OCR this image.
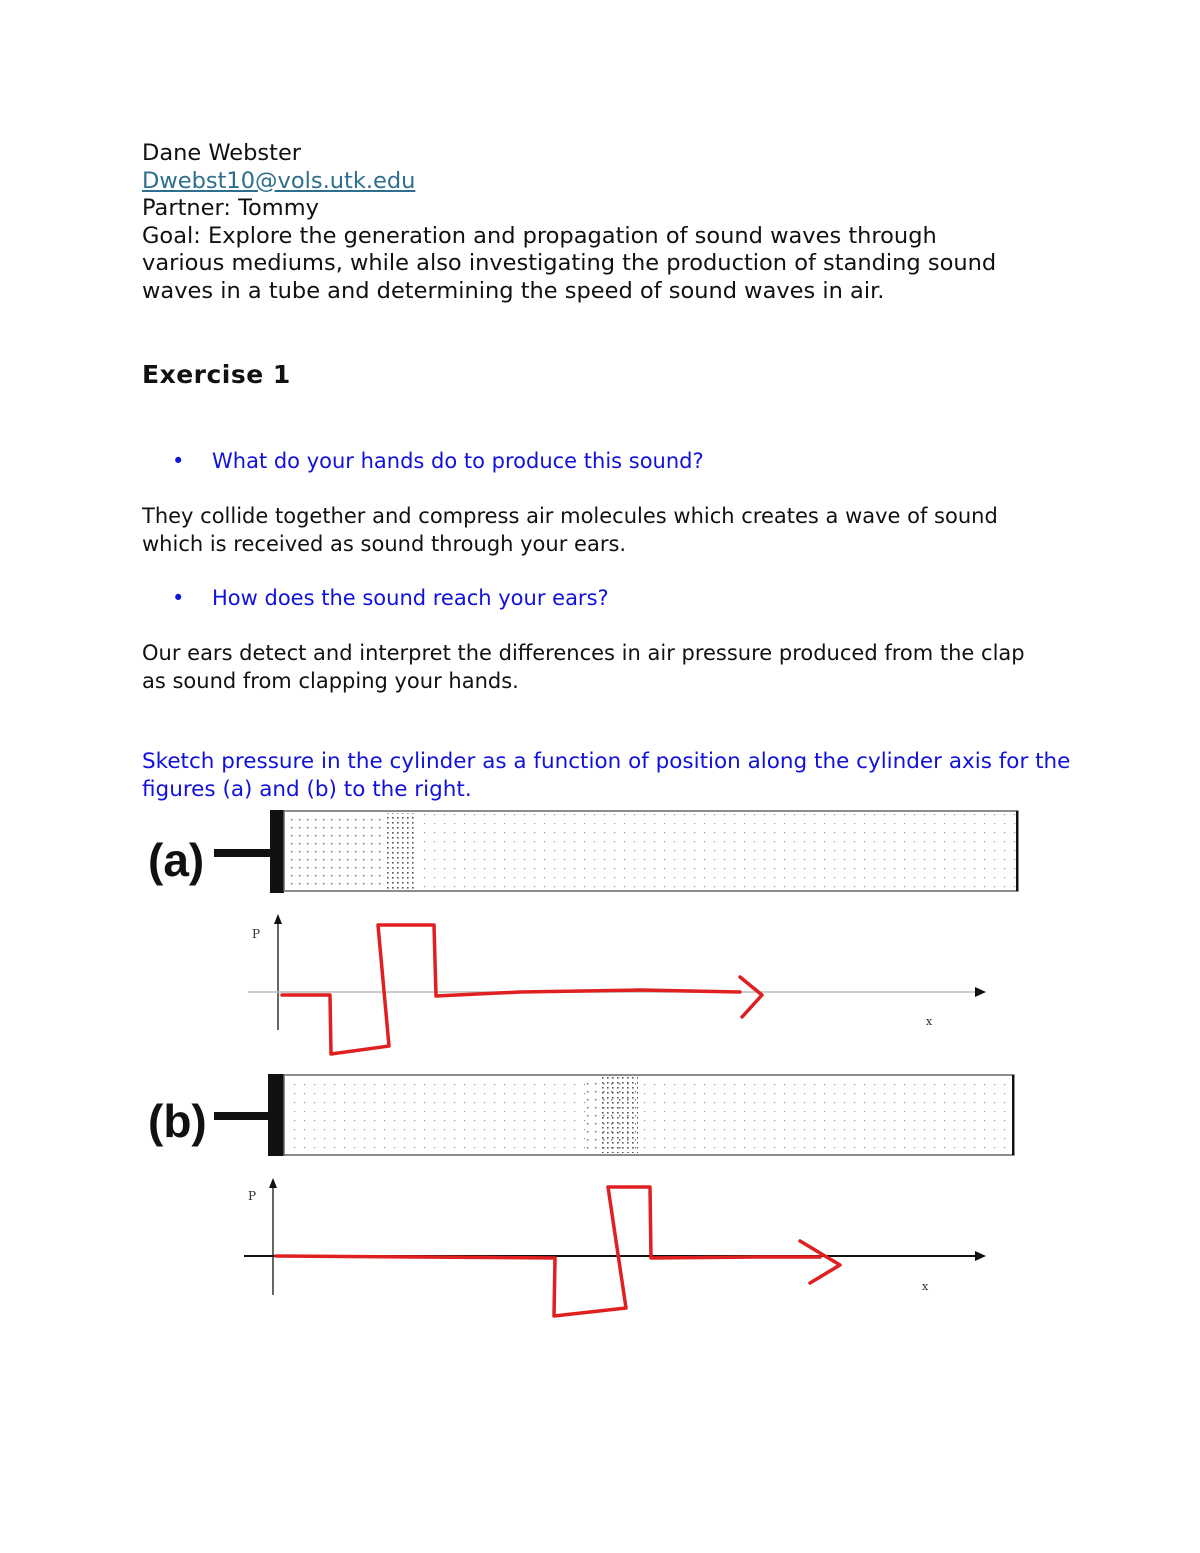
Dane Webster
Dwebst10@vols.utk.edu
Partner: Tommy
Goal: Explore the generation and propagation of sound waves through
various mediums, while also investigating the production of standing sound
waves in a tube and determining the speed of sound waves in air.
Exercise 1
• What do your hands do to produce this sound?
They collide together and compress air molecules which creates a wave of sound
which is received as sound through your ears.
• How does the sound reach your ears?
Our ears detect and interpret the differences in air pressure produced from the clap
as sound from clapping your hands.
Sketch pressure in the cylinder as a function of position along the cylinder axis for the
figures (a) and (b) to the right.
(a)
P
x
(b)
P
x
